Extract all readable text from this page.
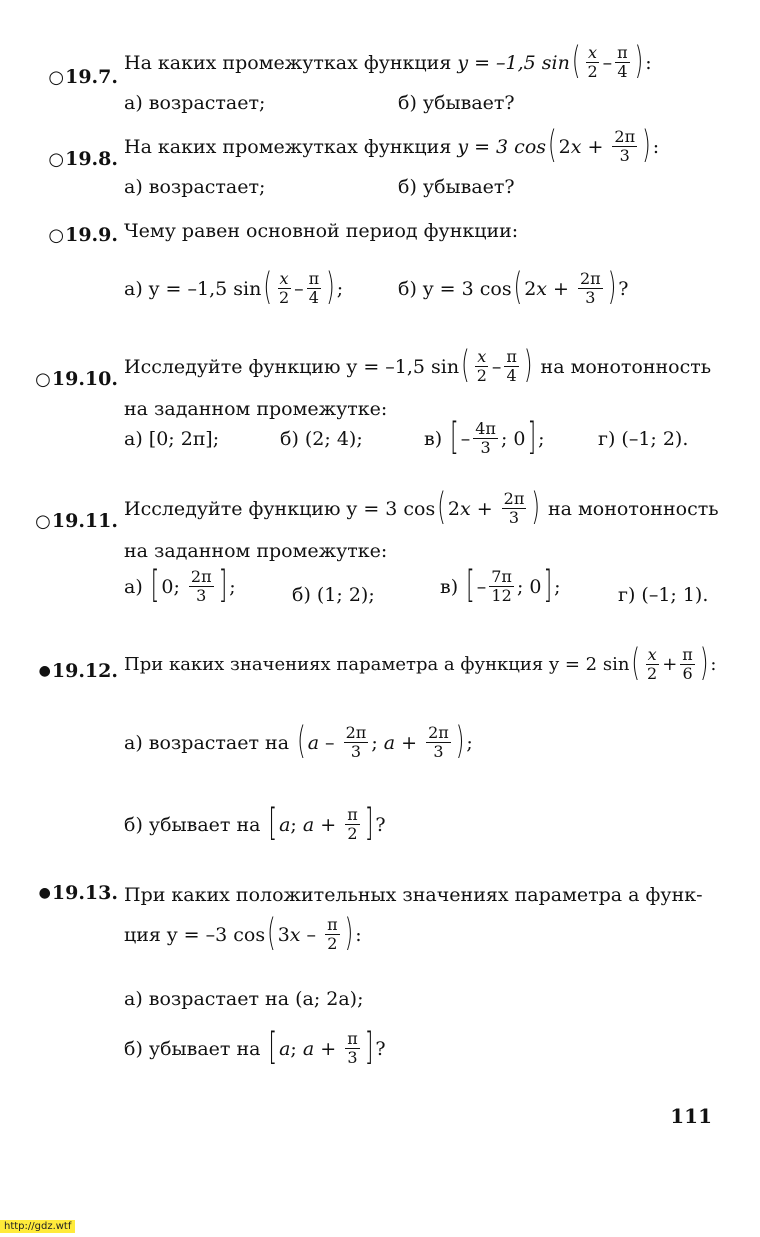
○19.7.
На каких промежутках функция y = –1,5 sin ( $\frac{x}{2} - \frac{\pi}{4}$ ) :
а) возрастает;	б) убывает?
○19.8.
На каких промежутках функция y = 3 cos ( 2 $x + \frac{2\pi}{3}$ ) :
а) возрастает;	б) убывает?
○19.9. Чему равен основной период функции:
а) y = –1,5 sin ( $\frac{x}{2} - \frac{\pi}{4}$ ) ;	б) y = 3 cos ( 2 $x + \frac{2\pi}{3}$ ) ?
○19.10.
Исследуйте функцию y = –1,5 sin ( $\frac{x}{2} - \frac{\pi}{4}$ )
на монотонность
на заданном промежутке:
а) [0; 2π];	б) (2; 4);	в)
[ – $\frac{4\pi}{3}$ ; 0 ] ;	г) (–1; 2).
○19.11.
Исследуйте функцию y = 3 cos ( 2 $x + \frac{2\pi}{3}$ )
на монотонность
на заданном промежутке:
а)
[ 0; $\frac{2\pi}{3}$ ] ;	б) (1; 2);	в)
[ – $\frac{7\pi}{12}$ ; 0 ] ;	г) (–1; 1).
●19.12. При каких значениях параметра a функция y = 2 sin ( $\frac{x}{2} + \frac{\pi}{6}$ ) :
а) возрастает на
( a – $\frac{2\pi}{3}$ ; $a + \frac{2\pi}{3}$ ) ;
б) убывает на
[ a ; $a + \frac{\pi}{2}$ ] ?
●19.13. При каких положительных значениях параметра a функ-
ция y = –3 cos ( 3 x – $\frac{\pi}{2}$ ) :
а) возрастает на (a; 2a);
б) убывает на
[ a ; $a + \frac{\pi}{3}$ ] ?
111
http://gdz.wtf
